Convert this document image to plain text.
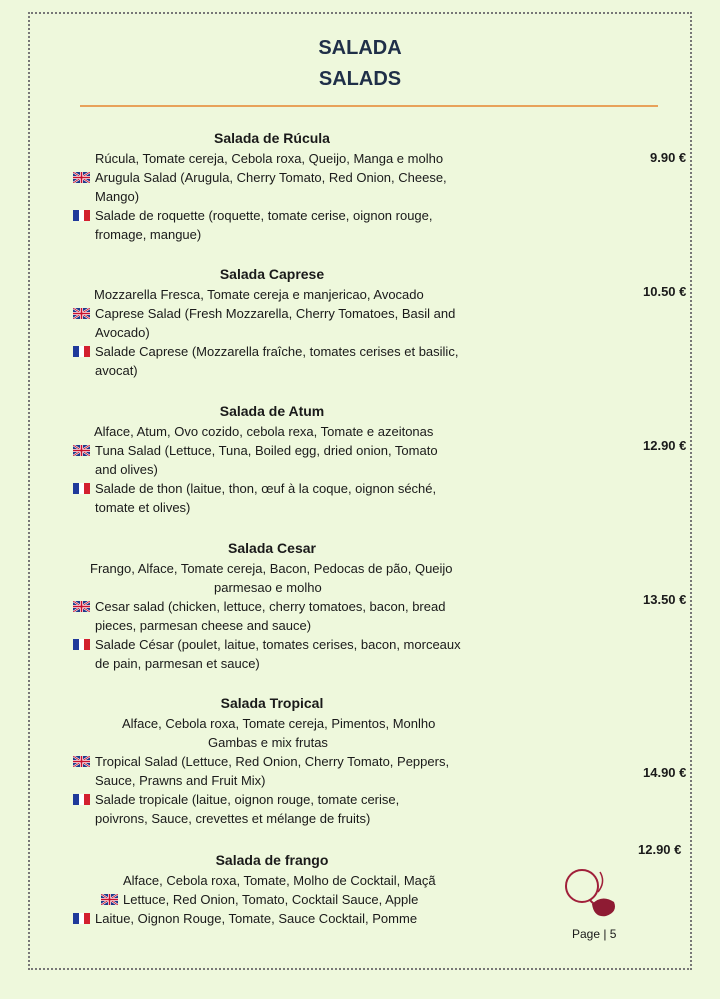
SALADA
SALADS
Salada de Rúcula
Rúcula, Tomate cereja, Cebola roxa, Queijo, Manga e molho
Arugula Salad (Arugula, Cherry Tomato, Red Onion, Cheese,
Mango)
Salade de roquette (roquette, tomate cerise, oignon rouge,
fromage, mangue)
9.90 €
Salada Caprese
Mozzarella Fresca, Tomate cereja e manjericao, Avocado
Caprese Salad (Fresh Mozzarella, Cherry Tomatoes, Basil and
Avocado)
Salade Caprese (Mozzarella fraîche, tomates cerises et basilic,
avocat)
10.50 €
Salada de Atum
Alface, Atum, Ovo cozido, cebola rexa, Tomate e azeitonas
Tuna Salad (Lettuce, Tuna, Boiled egg, dried onion, Tomato
and olives)
Salade de thon (laitue, thon, œuf à la coque, oignon séché,
tomate et olives)
12.90 €
Salada Cesar
Frango, Alface, Tomate cereja, Bacon, Pedocas de pão, Queijo
parmesao e molho
Cesar salad (chicken, lettuce, cherry tomatoes, bacon, bread
pieces, parmesan cheese and sauce)
Salade César (poulet, laitue, tomates cerises, bacon, morceaux
de pain, parmesan et sauce)
13.50 €
Salada Tropical
Alface, Cebola roxa, Tomate cereja, Pimentos, Monlho
Gambas e mix frutas
Tropical Salad (Lettuce, Red Onion, Cherry Tomato, Peppers,
Sauce, Prawns and Fruit Mix)
Salade tropicale (laitue, oignon rouge, tomate cerise,
poivrons, Sauce, crevettes et mélange de fruits)
14.90 €
12.90 €
Salada de frango
Alface, Cebola roxa, Tomate, Molho de Cocktail, Maçã
Lettuce, Red Onion, Tomato, Cocktail Sauce, Apple
Laitue, Oignon Rouge, Tomate, Sauce Cocktail, Pomme
Page | 5
